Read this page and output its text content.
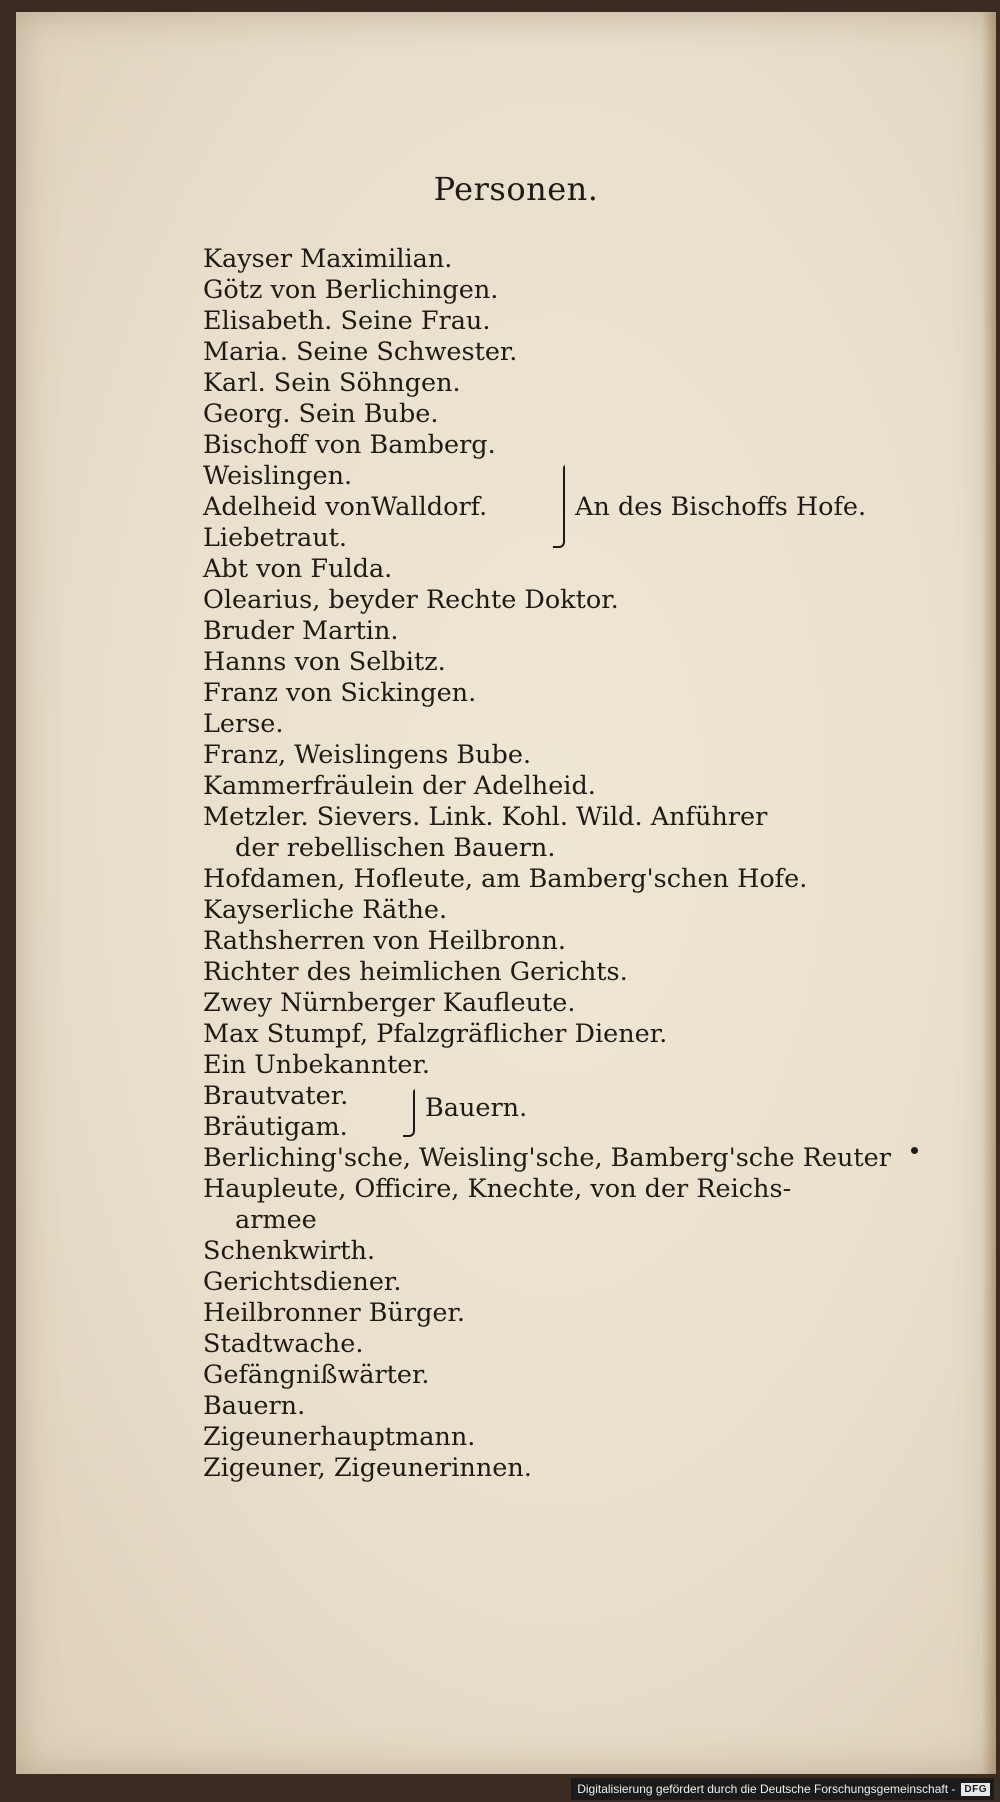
Personen.
Kayser Maximilian.
Götz von Berlichingen.
Elisabeth. Seine Frau.
Maria. Seine Schwester.
Karl. Sein Söhngen.
Georg. Sein Bube.
Bischoff von Bamberg.
Weislingen.
Adelheid vonWalldorf.
Liebetraut.
An des Bischoffs Hofe.
Abt von Fulda.
Olearius, beyder Rechte Doktor.
Bruder Martin.
Hanns von Selbitz.
Franz von Sickingen.
Lerse.
Franz, Weislingens Bube.
Kammerfräulein der Adelheid.
Metzler. Sievers. Link. Kohl. Wild. Anführer
der rebellischen Bauern.
Hofdamen, Hofleute, am Bamberg'schen Hofe.
Kayserliche Räthe.
Rathsherren von Heilbronn.
Richter des heimlichen Gerichts.
Zwey Nürnberger Kaufleute.
Max Stumpf, Pfalzgräflicher Diener.
Ein Unbekannter.
Brautvater.
Bräutigam.
Bauern.
Berliching'sche, Weisling'sche, Bamberg'sche Reuter
Haupleute, Officire, Knechte, von der Reichs-
armee
Schenkwirth.
Gerichtsdiener.
Heilbronner Bürger.
Stadtwache.
Gefängnißwärter.
Bauern.
Zigeunerhauptmann.
Zigeuner, Zigeunerinnen.
Digitalisierung gefördert durch die Deutsche Forschungsgemeinschaft - DFG
